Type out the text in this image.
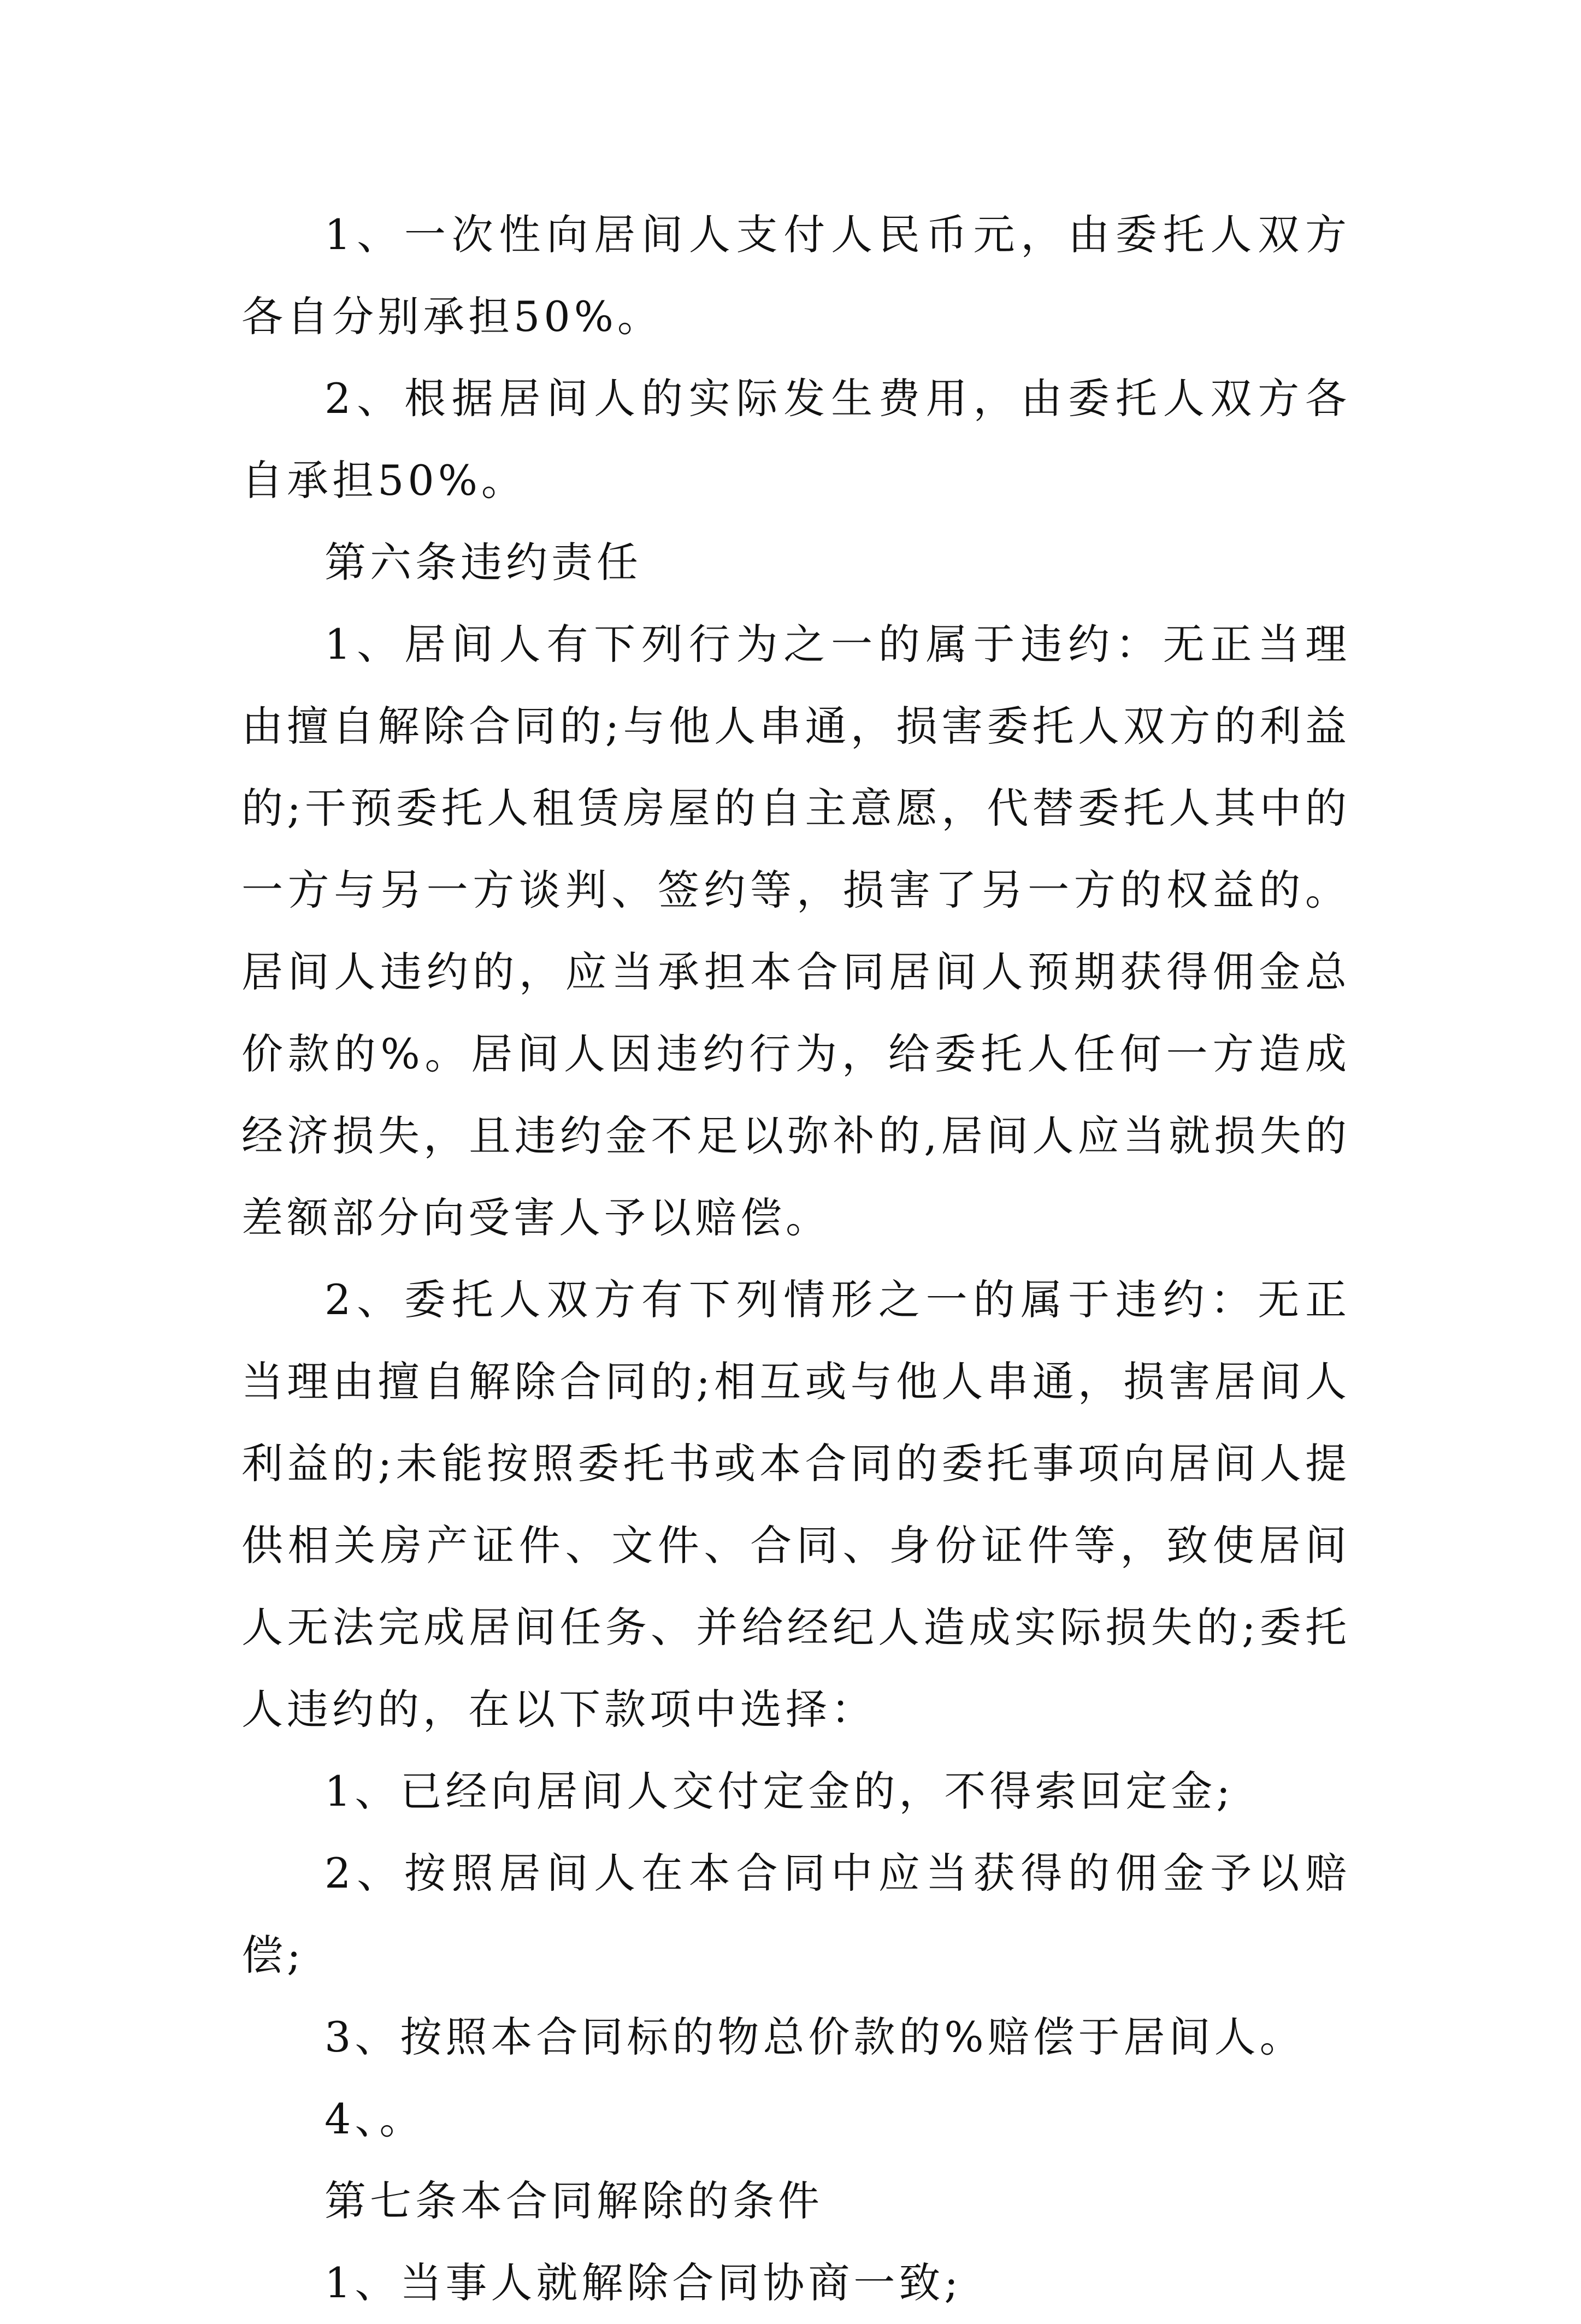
1、一次性向居间人支付人民币元，由委托人双方各自分别承担50%。

2、根据居间人的实际发生费用，由委托人双方各自承担50%。

第六条违约责任

1、居间人有下列行为之一的属于违约：无正当理由擅自解除合同的;与他人串通，损害委托人双方的利益的;干预委托人租赁房屋的自主意愿，代替委托人其中的一方与另一方谈判、签约等，损害了另一方的权益的。居间人违约的，应当承担本合同居间人预期获得佣金总价款的%。居间人因违约行为，给委托人任何一方造成经济损失，且违约金不足以弥补的,居间人应当就损失的差额部分向受害人予以赔偿。

2、委托人双方有下列情形之一的属于违约：无正当理由擅自解除合同的;相互或与他人串通，损害居间人利益的;未能按照委托书或本合同的委托事项向居间人提供相关房产证件、文件、合同、身份证件等，致使居间人无法完成居间任务、并给经纪人造成实际损失的;委托人违约的，在以下款项中选择：

1、已经向居间人交付定金的，不得索回定金;

2、按照居间人在本合同中应当获得的佣金予以赔偿;

3、按照本合同标的物总价款的%赔偿于居间人。

4、。

第七条本合同解除的条件

1、当事人就解除合同协商一致;
